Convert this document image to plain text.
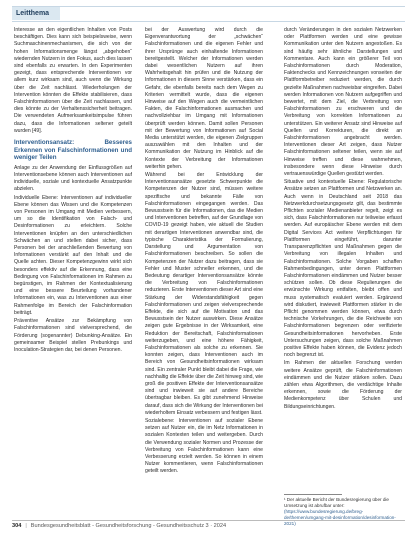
Leitthema

Interesse an den eigentlichen Inhalten von Posts beschäftigen. Dies kann sich beispielsweise, wenn Suchmaschinenmechanismen, die sich von der hohen Informationsmenge längst „abgehoben“ wiedernden Nutzern in den Fokus, auch dies lassen sind ebenfalls zu erwarten. In den Experimenten gezeigt, dass entsprechende Interventionen vor allem kurz wirksam sind, auch wenn die Wirkung über die Zeit nachlässt. Wiederholungen der Intervention könnten die Effekte stabilisieren, dass Falschinformationen über die Zeit nachlassen, und dies könnte zu der Verhaltenssicherheit beitragen. Die verwendeten Aufmerksamkeitsimpulse führen dazu, dass die Informationen seltener geteilt wurden [49].

Interventionsansatz: Besseres Erkennen von Falschinformationen und weniger Teilen

Anlage zu der Anwendung der Einflussgrößen auf Interventionsebene können auch Interventionen auf individuelle, soziale und kontextuelle Ansatzpunkte abzielen.

Individuelle Ebene: Interventionen auf individueller Ebene können das Wissen und die Kompetenzen von Personen im Umgang mit Medien verbessern, um so die Identifikation von Falsch- und Desinformationen zu erleichtern. Solche Interventionen knüpfen an den unterschiedlichen Schwächen an und stellen dabei sicher, dass Personen bei der anschließenden Bewertung von Informationen verstärkt auf den Inhalt und die Quelle achten. Dieser Kompetenzgewinn wirkt sich besonders effektiv auf die Erkennung, dass eine Bedingung von Falschinformationen im Rahmen zu begünstigen, im Rahmen der Kontextualisierung und eine bessere Beurteilung vorhandener Informationen ein, was zu Interventionen aus einer Rahmenfolge im Bereich der Falschinformation beiträgt.

Präventive Ansätze zur Bekämpfung von Falschinformationen sind vielversprechend, die Förderung (sogenannter) Debunking-Ansätze. Ein gemeinsamer Beispiel stellen Prebunkings und Inoculation-Strategien dar, bei denen Personen.

bei der Auswertung wird durch die Eigenverantwortung der „schwächen“ Falschinformationen und die eigenen Fehler und ihrer Ursprünge auch einhaltende Informationen bereitgestellt. Welcher der Informationen werden dabei wesentlichen Nutzern auf ihren Wahrheitsgehalt hin prüfen und die Nutzung der Informationen in diesem Sinne verstärken, dass ein Gefahr, die ebenfalls bereits nach dem Wegen zu Kriterien vermittelt wurde, dass die eigenen Hinweise auf den Wegen auch die vermeintlichen Fakten, die Falschinformationen ausmachen und nachvollziehbar im Umgang mit Informationen überprüft werden können. Damit sollen Personen mit der Bewertung von Informationen auf Social Media unterstützt werden, die eigenen Zielgruppen auszuwählen mit den Inhalten und der Kommunikation der Nutzung im Hinblick auf die Kontexte der Verbreitung der Informationen weiterhin gehen.

Während bei der Entwicklung der Interventionsansätze gesetzte Schwerpunkte die Kompetenzen der Nutzer sind, müssen weitere spezifische und bekannte Fälle von Falschinformationen eingegangen werden. Das Bewusstsein für die Informationen, das die Medien und Interventionen betreffen, auf der Grundlage von COVID-19 gezeigt haben, wie aktuell die Studien mit derartigen Interventionen anwendbar sind, die typische Charakteristika der Formulierung, Darstellung und Argumentation von Falschinformationen beschreiben. So sollen die Kompetenzen der Nutzer dazu beitragen, dass sie Fehler und Muster schneller erkennen, und die Bedeutung derartiger Interventionsansätze könnte die Verbreitung von Falschinformationen reduzieren. Erste Interventionen dieser Art sind eine Stärkung der Widerstandsfähigkeit gegen Falschinformationen und zeigen vielversprechende Effekte, die sich auf die Motivation und das Bewusstsein der Nutzer auswirken. Diese Ansätze zeigen gute Ergebnisse in der Wirksamkeit, eine Reduktion der Bereitschaft, Falschinformationen weiterzugeben, und eine höhere Fähigkeit, Falschinformationen als solche zu erkennen. Sie konnten zeigen, dass Interventionen auch im Bereich von Gesundheitsinformationen wirksam sind. Ein zentraler Punkt bleibt dabei die Frage, wie nachhaltig die Effekte über die Zeit hinweg sind, wie groß die positiven Effekte der Interventionsansätze sind und inwieweit sie auf andere Bereiche übertragbar bleiben. Es gibt zunehmend Hinweise darauf, dass sich die Wirkung der Interventionen bei wiederholtem Einsatz verbessern und festigen lässt.

Sozialebene: Interventionen auf sozialer Ebene setzen auf Nutzer ein, die im Netz Informationen in sozialen Kontexten teilen und weitergeben. Durch die Verwendung sozialer Normen und Prozesse der Verbreitung von Falschinformationen kann eine Verbesserung erzielt werden. So können in einem Nutzer kommentieren, wenn Falschinformationen geteilt werden.

durch Veränderungen in den sozialen Netzwerken oder Plattformen werden und eine gewisse Kommunikation unter den Nutzern angestoßen. Es sind häufig sehr ähnliche Darstellungen und Kommentare. Auch kann ein größerer Teil von Falschinformationen durch Moderation, Faktenchecks und Kennzeichnungen vonseiten der Plattformbetreiber reduziert werden, die durch gezielte Maßnahmen nachweisbar eingreifen. Dabei werden Informationen von Nutzern aufgegriffen und bewertet, mit dem Ziel, die Verbreitung von Falschinformationen zu erschweren und die Verbreitung von korrekten Informationen zu unterstützen. Ein weiterer Ansatz sind Hinweise auf Quellen und Korrekturen, die direkt an Falschinformationen angebracht werden. Interventionen dieser Art zeigen, dass Nutzer Falschinformationen seltener teilen, wenn sie auf Hinweise treffen und diese wahrnehmen, insbesondere wenn diese Hinweise durch vertrauenswürdige Quellen gestützt werden.

Situative und kontextuelle Ebene: Regulatorische Ansätze setzen an Plattformen und Netzwerken an. Auch wenn in Deutschland seit 2018 das Netzwerkdurchsetzungsgesetz gilt, das bestimmte Pflichten sozialer Medienanbieter regelt, zeigt es sich, dass Falschinformationen nur teilweise erfasst werden. Auf europäischer Ebene werden mit dem Digital Services Act weitere Verpflichtungen für Plattformen eingeführt, darunter Transparenzpflichten und Maßnahmen gegen die Verbreitung von illegalen Inhalten und Falschinformationen. Solche Vorgaben schaffen Rahmenbedingungen, unter denen Plattformen Falschinformationen eindämmen und Nutzer besser schützen sollen. Ob diese Regulierungen die erwünschte Wirkung entfalten, bleibt offen und muss systematisch evaluiert werden. Ergänzend wird diskutiert, inwieweit Plattformen stärker in die Pflicht genommen werden können, etwa durch technische Vorkehrungen, die die Reichweite von Falschinformationen begrenzen oder verifizierte Gesundheitsinformationen hervorheben. Erste Untersuchungen zeigen, dass solche Maßnahmen positive Effekte haben können, die Evidenz jedoch noch begrenzt ist.

Im Rahmen der aktuellen Forschung werden weitere Ansätze geprüft, die Falschinformationen eindämmen und die Nutzer stärken sollen. Dazu zählen etwa Algorithmen, die verdächtige Inhalte erkennen, sowie die Förderung der Medienkompetenz über Schulen und Bildungseinrichtungen.

¹ Der aktuelle Bericht der Bundesregierung über die Umsetzung ist abrufbar unter: (https://www.bundesregierung.de/breg-de/themen/umgang-mit-desinformation/desinformation-2021)
304 | Bundesgesundheitsblatt - Gesundheitsforschung - Gesundheitsschutz 3 · 2024
